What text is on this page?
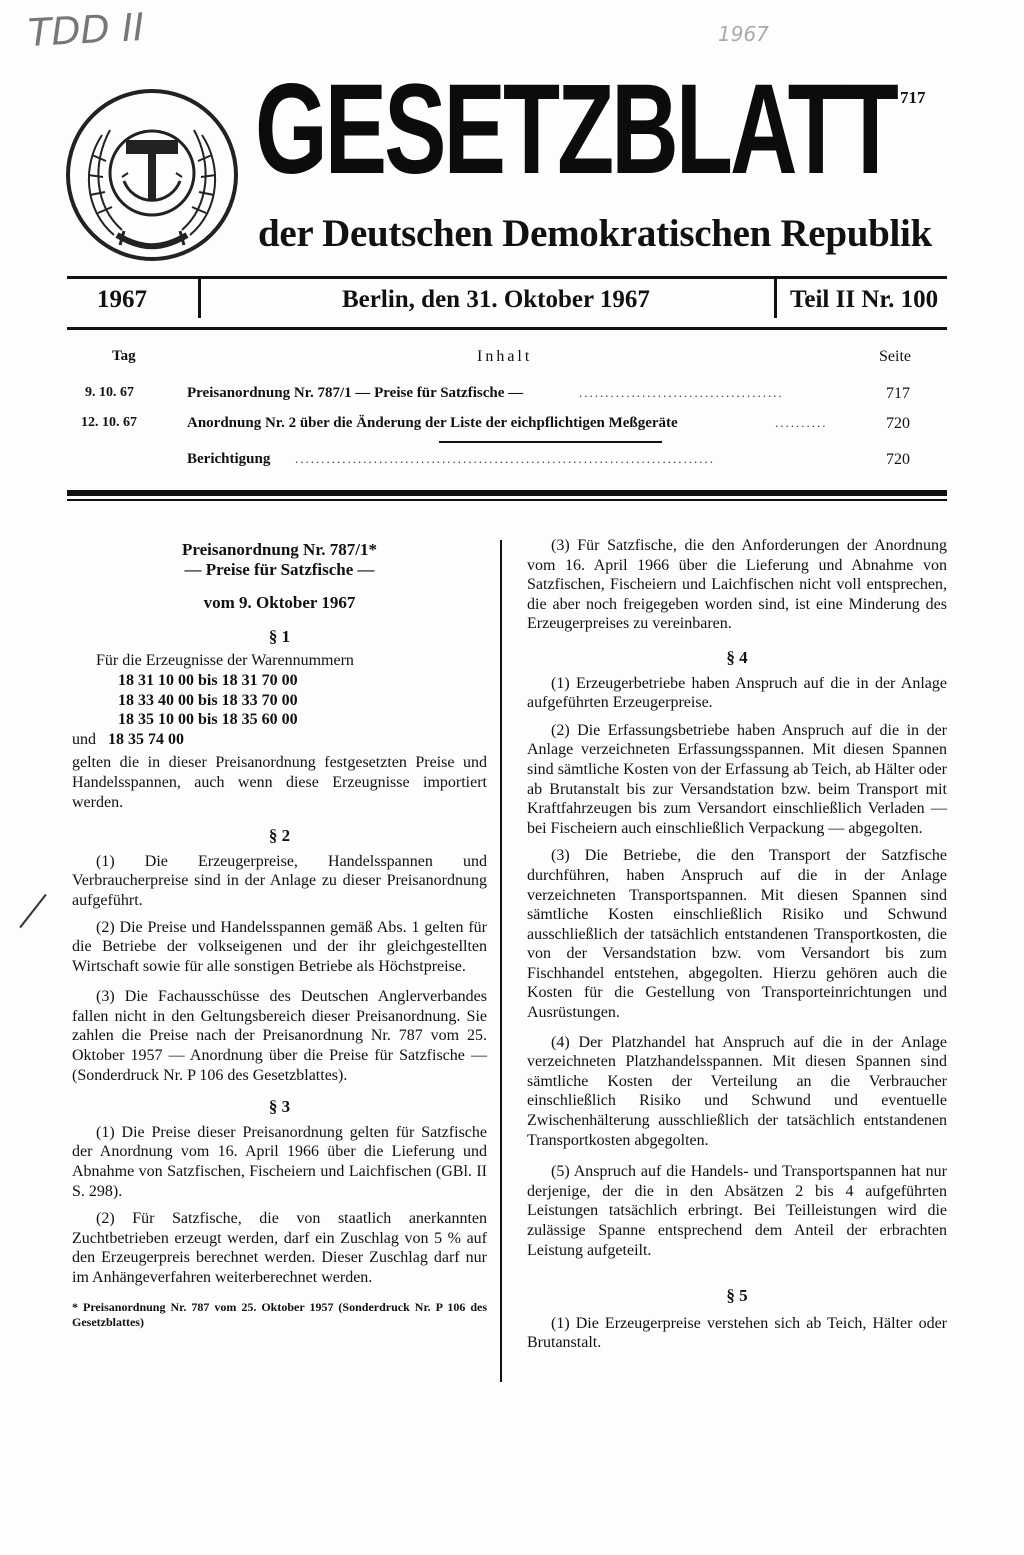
TDD II	1967
717
GESETZBLATT
der Deutschen Demokratischen Republik
1967	Berlin, den 31. Oktober 1967	Teil II Nr. 100
Tag	Inhalt	Seite
9. 10. 67	Preisanordnung Nr. 787/1 — Preise für Satzfische —	.......................................	717
12. 10. 67	Anordnung Nr. 2 über die Änderung der Liste der eichpflichtigen Meßgeräte	..........	720
Berichtigung ................................................................................	720

Preisanordnung Nr. 787/1*

— Preise für Satzfische —

vom 9. Oktober 1967

§ 1

Für die Erzeugnisse der Warennummern

18 31 10 00 bis 18 31 70 00

18 33 40 00 bis 18 33 70 00

18 35 10 00 bis 18 35 60 00

und 18 35 74 00

gelten die in dieser Preisanordnung festgesetzten Preise und Handelsspannen, auch wenn diese Erzeugnisse importiert werden.

§ 2

(1) Die Erzeugerpreise, Handelsspannen und Verbraucherpreise sind in der Anlage zu dieser Preisanordnung aufgeführt.

(2) Die Preise und Handelsspannen gemäß Abs. 1 gelten für die Betriebe der volkseigenen und der ihr gleichgestellten Wirtschaft sowie für alle sonstigen Betriebe als Höchstpreise.

(3) Die Fachausschüsse des Deutschen Anglerverbandes fallen nicht in den Geltungsbereich dieser Preisanordnung. Sie zahlen die Preise nach der Preisanordnung Nr. 787 vom 25. Oktober 1957 — Anordnung über die Preise für Satzfische — (Sonderdruck Nr. P 106 des Gesetzblattes).

§ 3

(1) Die Preise dieser Preisanordnung gelten für Satzfische der Anordnung vom 16. April 1966 über die Lieferung und Abnahme von Satzfischen, Fischeiern und Laichfischen (GBl. II S. 298).

(2) Für Satzfische, die von staatlich anerkannten Zuchtbetrieben erzeugt werden, darf ein Zuschlag von 5 % auf den Erzeugerpreis berechnet werden. Dieser Zuschlag darf nur im Anhängeverfahren weiterberechnet werden.

* Preisanordnung Nr. 787 vom 25. Oktober 1957 (Sonderdruck Nr. P 106 des Gesetzblattes)

(3) Für Satzfische, die den Anforderungen der Anordnung vom 16. April 1966 über die Lieferung und Abnahme von Satzfischen, Fischeiern und Laichfischen nicht voll entsprechen, die aber noch freigegeben worden sind, ist eine Minderung des Erzeugerpreises zu vereinbaren.

§ 4

(1) Erzeugerbetriebe haben Anspruch auf die in der Anlage aufgeführten Erzeugerpreise.

(2) Die Erfassungsbetriebe haben Anspruch auf die in der Anlage verzeichneten Erfassungsspannen. Mit diesen Spannen sind sämtliche Kosten von der Erfassung ab Teich, ab Hälter oder ab Brutanstalt bis zur Versandstation bzw. beim Transport mit Kraftfahrzeugen bis zum Versandort einschließlich Verladen — bei Fischeiern auch einschließlich Verpackung — abgegolten.

(3) Die Betriebe, die den Transport der Satzfische durchführen, haben Anspruch auf die in der Anlage verzeichneten Transportspannen. Mit diesen Spannen sind sämtliche Kosten einschließlich Risiko und Schwund ausschließlich der tatsächlich entstandenen Transportkosten, die von der Versandstation bzw. vom Versandort bis zum Fischhandel entstehen, abgegolten. Hierzu gehören auch die Kosten für die Gestellung von Transporteinrichtungen und Ausrüstungen.

(4) Der Platzhandel hat Anspruch auf die in der Anlage verzeichneten Platzhandelsspannen. Mit diesen Spannen sind sämtliche Kosten der Verteilung an die Verbraucher einschließlich Risiko und Schwund und eventuelle Zwischenhälterung ausschließlich der tatsächlich entstandenen Transportkosten abgegolten.

(5) Anspruch auf die Handels- und Transportspannen hat nur derjenige, der die in den Absätzen 2 bis 4 aufgeführten Leistungen tatsächlich erbringt. Bei Teilleistungen wird die zulässige Spanne entsprechend dem Anteil der erbrachten Leistung aufgeteilt.

§ 5

(1) Die Erzeugerpreise verstehen sich ab Teich, Hälter oder Brutanstalt.
